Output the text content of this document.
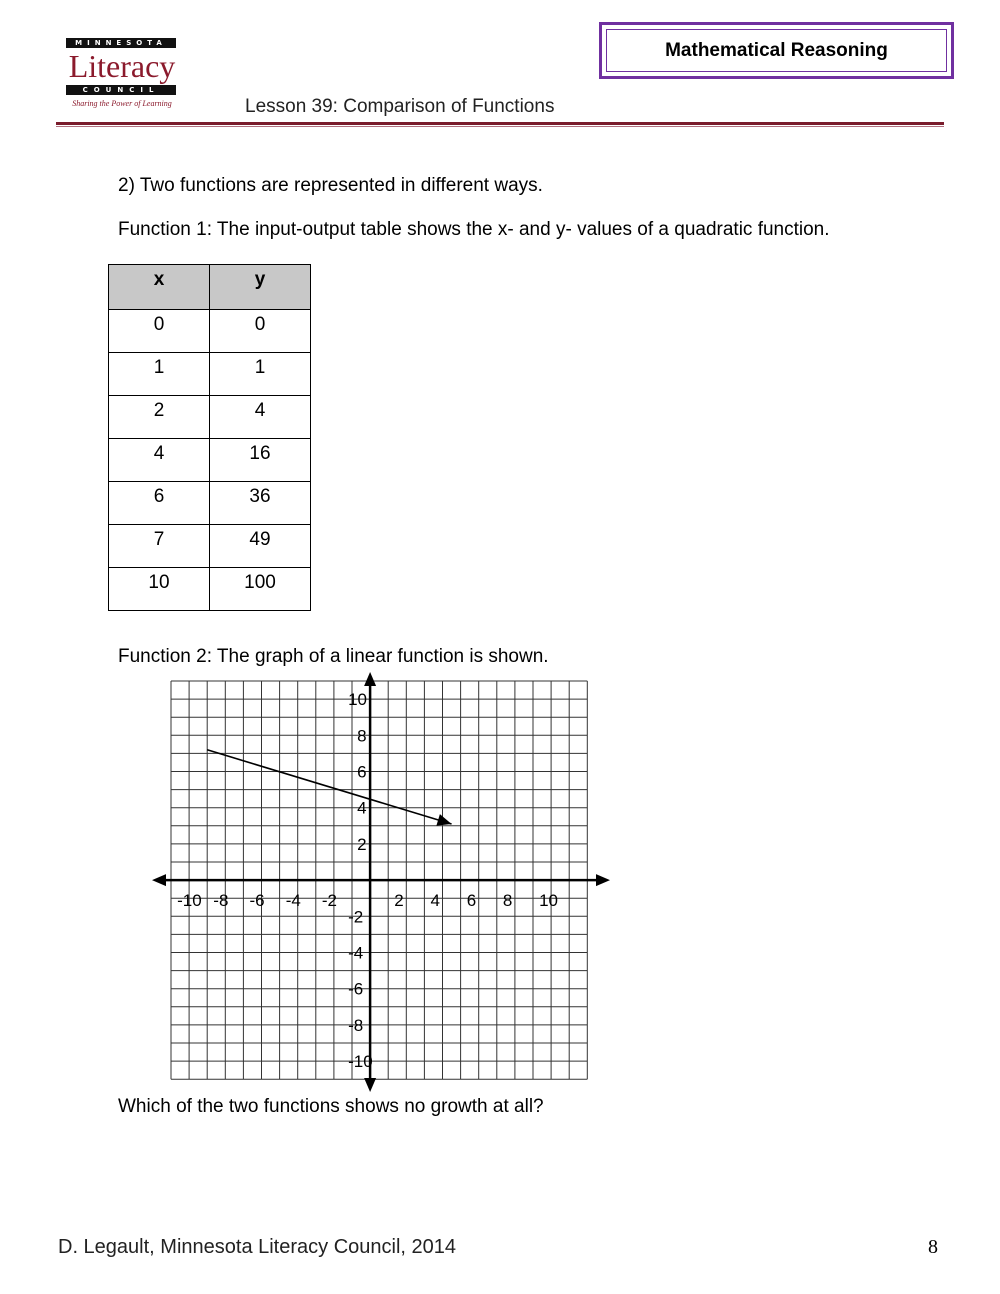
MINNESOTA
Literacy
COUNCIL
Sharing the Power of Learning
Mathematical Reasoning
Lesson 39: Comparison of Functions
2) Two functions are represented in different ways.
Function 1: The input-output table shows the x- and y- values of a quadratic function.
x	y
0	0
1	1
2	4
4	16
6	36
7	49
10	100
Function 2: The graph of a linear function is shown.
-10 -8 -6 -4 -2	2 4 6 8 10
10
8
6
4
2
-2
-4
-6
-8
-10
Which of the two functions shows no growth at all?
D. Legault, Minnesota Literacy Council, 2014	8
